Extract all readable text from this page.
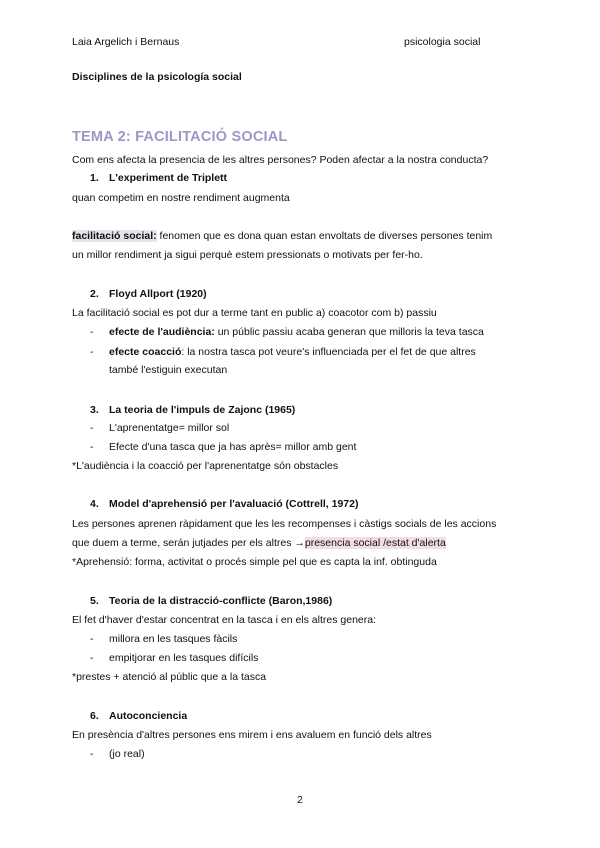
Laia Argelich i Bernaus	psicologia social
Disciplines de la psicología social
TEMA 2: FACILITACIÓ SOCIAL
Com ens afecta la presencia de les altres persones? Poden afectar a la nostra conducta?
1. L'experiment de Triplett
quan competim en nostre rendiment augmenta
facilitació social: fenomen que es dona quan estan envoltats de diverses persones tenim
un millor rendiment ja sigui perquè estem pressionats o motivats per fer-ho.
2. Floyd Allport (1920)
La facilitació social es pot dur a terme tant en public a) coacotor com b) passiu
- efecte de l'audiència: un públic passiu acaba generan que milloris la teva tasca
- efecte coacció: la nostra tasca pot veure's influenciada per el fet de que altres
també l'estiguin executan
3. La teoria de l'impuls de Zajonc (1965)
- L'aprenentatge= millor sol
- Efecte d'una tasca que ja has après= millor amb gent
*L'audiència i la coacció per l'aprenentatge són obstacles
4. Model d'aprehensió per l'avaluació (Cottrell, 1972)
Les persones aprenen ràpidament que les les recompenses i càstigs socials de les accions
que duem a terme, serán jutjades per els altres →presencia social /estat d'alerta
*Aprehensió: forma, activitat o procés simple pel que es capta la inf. obtinguda
5. Teoria de la distracció-conflicte (Baron,1986)
El fet d'haver d'estar concentrat en la tasca i en els altres genera:
- millora en les tasques fàcils
- empitjorar en les tasques difícils
*prestes + atenció al públic que a la tasca
6. Autoconciencia
En presència d'altres persones ens mirem i ens avaluem en funció dels altres
- (jo real)
2
